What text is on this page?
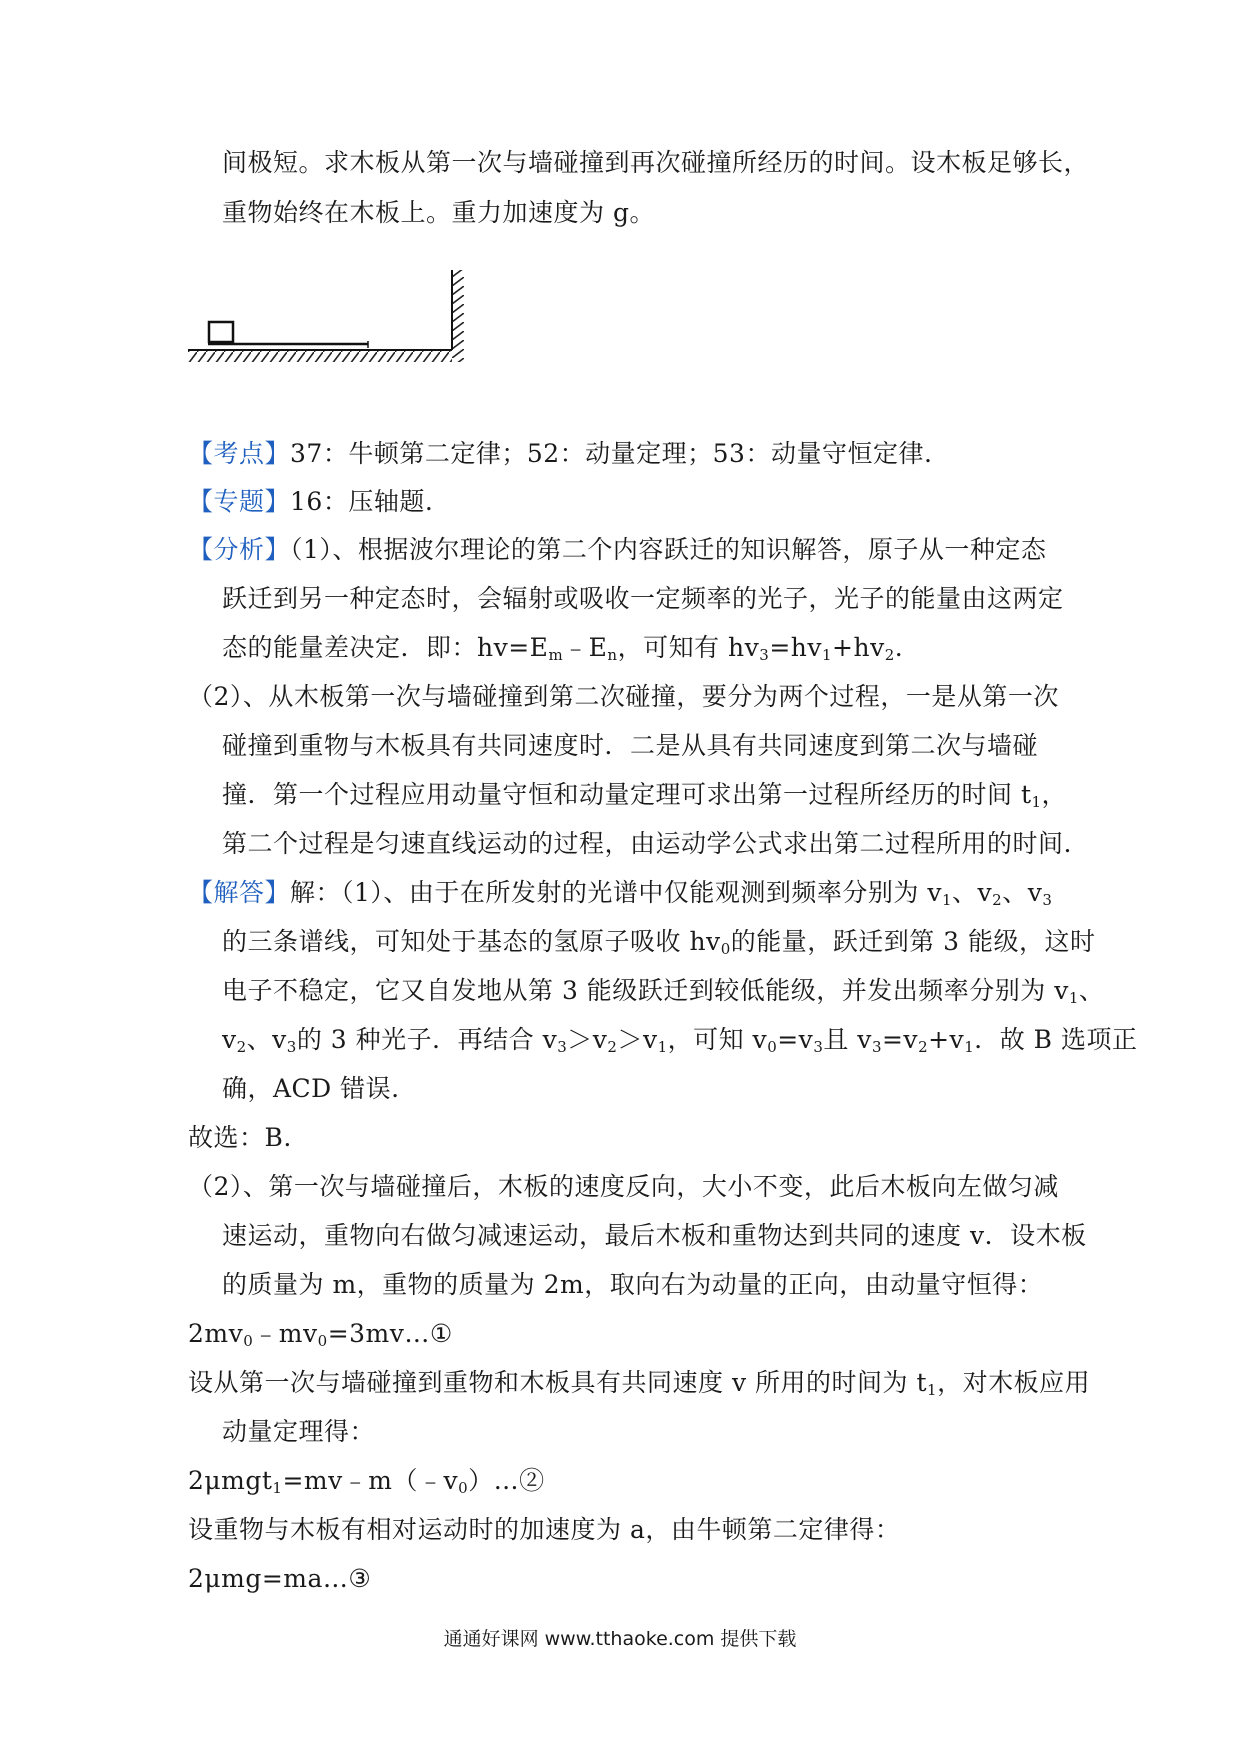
间极短。求木板从第一次与墙碰撞到再次碰撞所经历的时间。设木板足够长，
重物始终在木板上。重力加速度为 g。
【考点】37：牛顿第二定律；52：动量定理；53：动量守恒定律.
【专题】16：压轴题.
【分析】（1）、根据波尔理论的第二个内容跃迁的知识解答，原子从一种定态
跃迁到另一种定态时，会辐射或吸收一定频率的光子，光子的能量由这两定
态的能量差决定．即：$hv=E_m﹣E_n$，可知有 $hv_3=hv_1+hv_2$.
（2）、从木板第一次与墙碰撞到第二次碰撞，要分为两个过程，一是从第一次
碰撞到重物与木板具有共同速度时．二是从具有共同速度到第二次与墙碰
撞．第一个过程应用动量守恒和动量定理可求出第一过程所经历的时间 $t_1$，
第二个过程是匀速直线运动的过程，由运动学公式求出第二过程所用的时间.
【解答】解：（1）、由于在所发射的光谱中仅能观测到频率分别为 $v_1$、$v_2$、$v_3$
的三条谱线，可知处于基态的氢原子吸收 $hv_0$的能量，跃迁到第 3 能级，这时
电子不稳定，它又自发地从第 3 能级跃迁到较低能级，并发出频率分别为 $v_1$、
$v_2$、$v_3$的 3 种光子．再结合 $v_3>v_2>v_1$，可知 $v_0=v_3$且 $v_3=v_2+v_1$．故 B 选项正
确，ACD 错误.
故选：B.
（2）、第一次与墙碰撞后，木板的速度反向，大小不变，此后木板向左做匀减
速运动，重物向右做匀减速运动，最后木板和重物达到共同的速度 v．设木板
的质量为 m，重物的质量为 2m，取向右为动量的正向，由动量守恒得：
$2mv_0﹣mv_0=3mv\dots ①$
设从第一次与墙碰撞到重物和木板具有共同速度 v 所用的时间为 $t_1$，对木板应用
动量定理得：
$2\mu mgt_1=mv﹣m(﹣v_0)\dots ②$
设重物与木板有相对运动时的加速度为 a，由牛顿第二定律得：
2μmg=ma…③
通通好课网 www.tthaoke.com 提供下载
